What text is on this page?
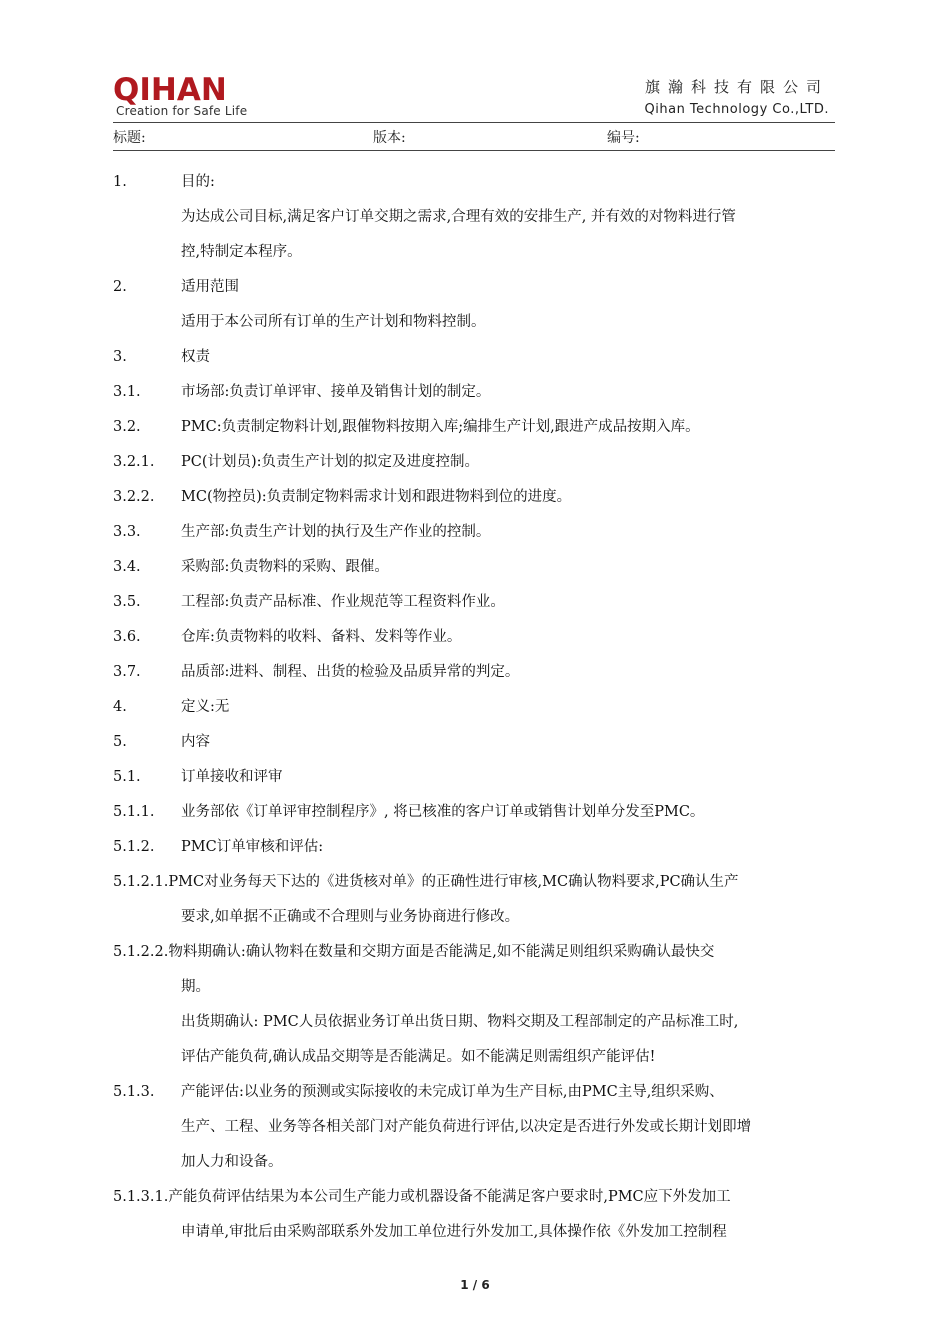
QIHAN
Creation for Safe Life
旗瀚科技有限公司
Qihan Technology Co.,LTD.
标题:	版本:	编号:
1.	目的:
为达成公司目标,满足客户订单交期之需求,合理有效的安排生产, 并有效的对物料进行管
控,特制定本程序。
2.	适用范围
适用于本公司所有订单的生产计划和物料控制。
3.	权责
3.1.	市场部:负责订单评审、接单及销售计划的制定。
3.2.	PMC:负责制定物料计划,跟催物料按期入库;编排生产计划,跟进产成品按期入库。
3.2.1. PC(计划员):负责生产计划的拟定及进度控制。
3.2.2. MC(物控员):负责制定物料需求计划和跟进物料到位的进度。
3.3.	生产部:负责生产计划的执行及生产作业的控制。
3.4.	采购部:负责物料的采购、跟催。
3.5.	工程部:负责产品标准、作业规范等工程资料作业。
3.6.	仓库:负责物料的收料、备料、发料等作业。
3.7.	品质部:进料、制程、出货的检验及品质异常的判定。
4.	定义:无
5.	内容
5.1.	订单接收和评审
5.1.1. 业务部依《订单评审控制程序》, 将已核准的客户订单或销售计划单分发至PMC。
5.1.2. PMC订单审核和评估:
5.1.2.1.PMC对业务每天下达的《进货核对单》的正确性进行审核,MC确认物料要求,PC确认生产
要求,如单据不正确或不合理则与业务协商进行修改。
5.1.2.2.物料期确认:确认物料在数量和交期方面是否能满足,如不能满足则组织采购确认最快交
期。
出货期确认: PMC人员依据业务订单出货日期、物料交期及工程部制定的产品标准工时,
评估产能负荷,确认成品交期等是否能满足。如不能满足则需组织产能评估!
5.1.3. 产能评估:以业务的预测或实际接收的未完成订单为生产目标,由PMC主导,组织采购、
生产、工程、业务等各相关部门对产能负荷进行评估,以决定是否进行外发或长期计划即增
加人力和设备。
5.1.3.1.产能负荷评估结果为本公司生产能力或机器设备不能满足客户要求时,PMC应下外发加工
申请单,审批后由采购部联系外发加工单位进行外发加工,具体操作依《外发加工控制程
1 / 6
